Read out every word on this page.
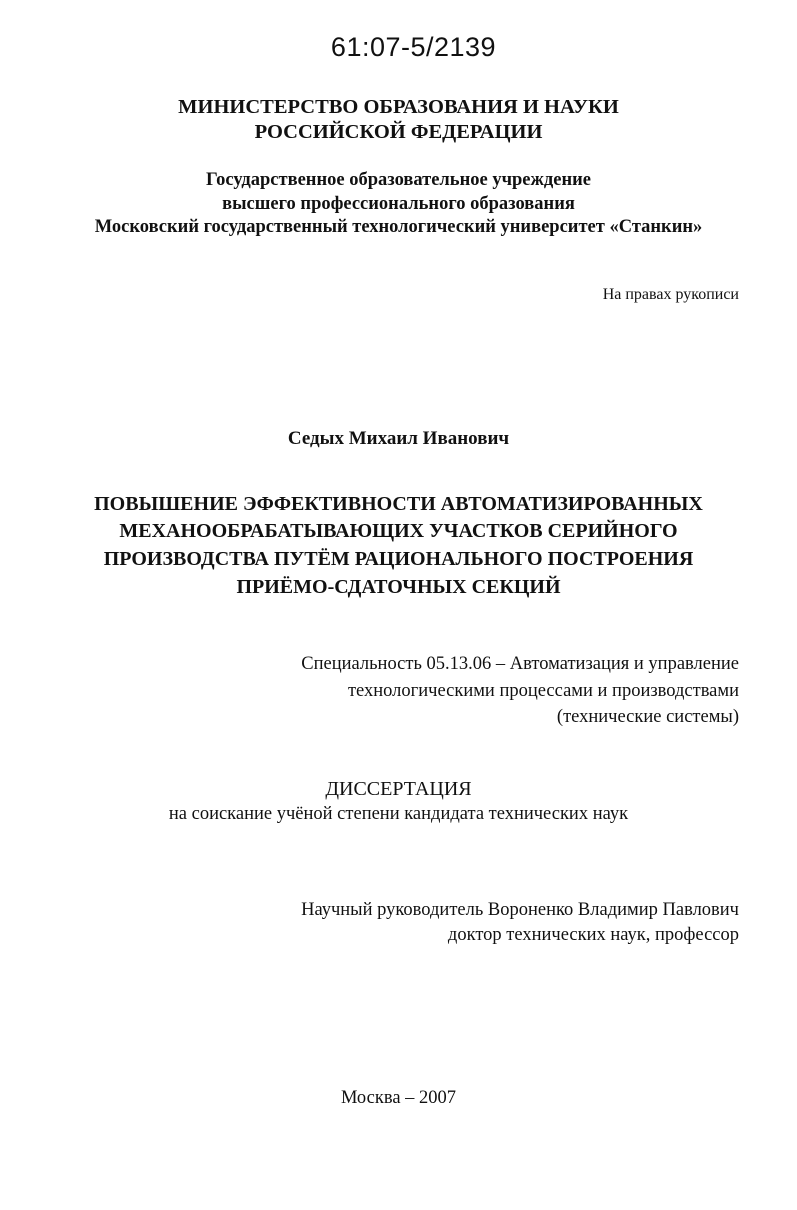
61:07-5/2139
МИНИСТЕРСТВО ОБРАЗОВАНИЯ И НАУКИ
РОССИЙСКОЙ ФЕДЕРАЦИИ
Государственное образовательное учреждение
высшего профессионального образования
Московский государственный технологический университет «Станкин»
На правах рукописи
Седых Михаил Иванович
ПОВЫШЕНИЕ ЭФФЕКТИВНОСТИ АВТОМАТИЗИРОВАННЫХ
МЕХАНООБРАБАТЫВАЮЩИХ УЧАСТКОВ СЕРИЙНОГО
ПРОИЗВОДСТВА ПУТЁМ РАЦИОНАЛЬНОГО ПОСТРОЕНИЯ
ПРИЁМО-СДАТОЧНЫХ СЕКЦИЙ
Специальность 05.13.06 – Автоматизация и управление
технологическими процессами и производствами
(технические системы)
ДИССЕРТАЦИЯ
на соискание учёной степени кандидата технических наук
Научный руководитель Вороненко Владимир Павлович
доктор технических наук, профессор
Москва – 2007
